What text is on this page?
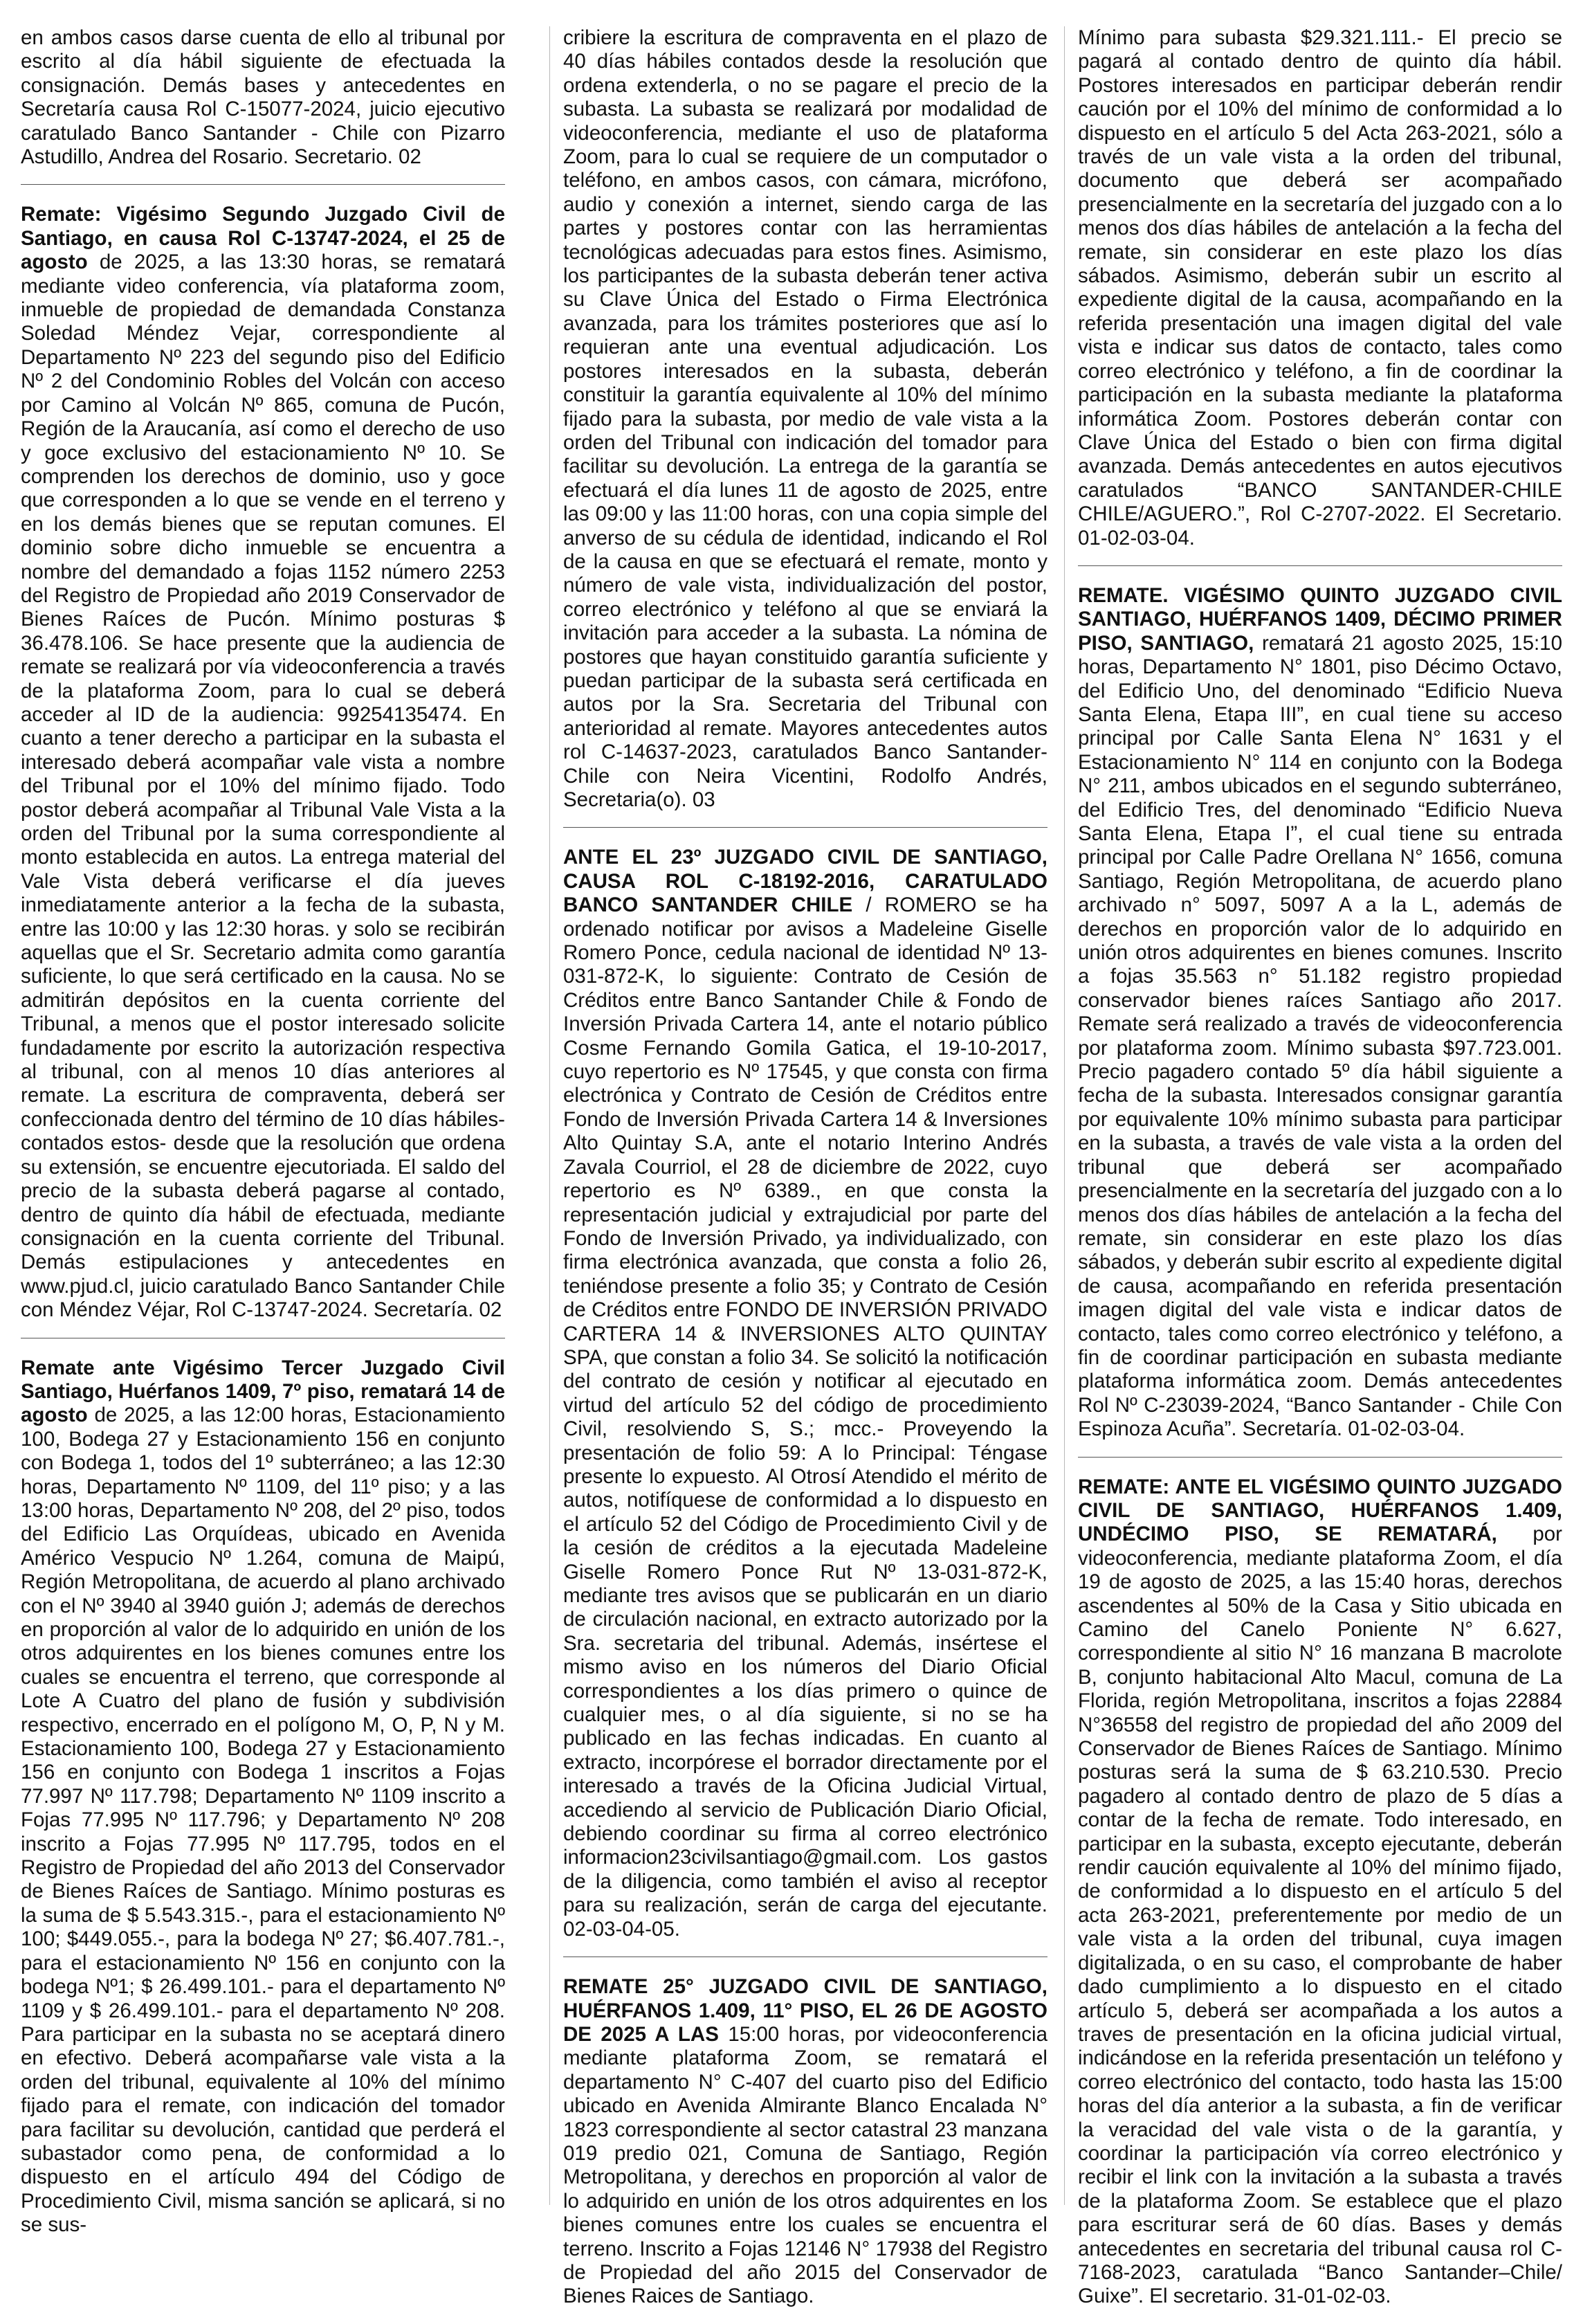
en ambos casos darse cuenta de ello al tribunal por escrito al día hábil siguiente de efectuada la consignación. Demás bases y antecedentes en Secretaría causa Rol C-15077-2024, juicio ejecutivo caratulado Banco Santander - Chile con Pizarro Astudillo, Andrea del Rosario. Secretario. 02

Remate: Vigésimo Segundo Juzgado Civil de Santiago, en causa Rol C-13747-2024, el 25 de agosto de 2025, a las 13:30 horas, se rematará mediante video conferencia, vía plataforma zoom, inmueble de propiedad de demandada Constanza Soledad Méndez Vejar, correspondiente al Departamento Nº 223 del segundo piso del Edificio Nº 2 del Condominio Robles del Volcán con acceso por Camino al Volcán Nº 865, comuna de Pucón, Región de la Araucanía, así como el derecho de uso y goce exclusivo del estacionamiento Nº 10. Se comprenden los derechos de dominio, uso y goce que corresponden a lo que se vende en el terreno y en los demás bienes que se reputan comunes. El dominio sobre dicho inmueble se encuentra a nombre del demandado a fojas 1152 número 2253 del Registro de Propiedad año 2019 Conservador de Bienes Raíces de Pucón. Mínimo posturas $ 36.478.106. Se hace presente que la audiencia de remate se realizará por vía videoconferencia a través de la plataforma Zoom, para lo cual se deberá acceder al ID de la audiencia: 99254135474. En cuanto a tener derecho a participar en la subasta el interesado deberá acompañar vale vista a nombre del Tribunal por el 10% del mínimo fijado. Todo postor deberá acompañar al Tribunal Vale Vista a la orden del Tribunal por la suma correspondiente al monto establecida en autos. La entrega material del Vale Vista deberá verificarse el día jueves inmediatamente anterior a la fecha de la subasta, entre las 10:00 y las 12:30 horas. y solo se recibirán aquellas que el Sr. Secretario admita como garantía suficiente, lo que será certificado en la causa. No se admitirán depósitos en la cuenta corriente del Tribunal, a menos que el postor interesado solicite fundadamente por escrito la autorización respectiva al tribunal, con al menos 10 días anteriores al remate. La escritura de compraventa, deberá ser confeccionada dentro del término de 10 días hábiles-contados estos- desde que la resolución que ordena su extensión, se encuentre ejecutoriada. El saldo del precio de la subasta deberá pagarse al contado, dentro de quinto día hábil de efectuada, mediante consignación en la cuenta corriente del Tribunal. Demás estipulaciones y antecedentes en www.pjud.cl, juicio caratulado Banco Santander Chile con Méndez Véjar, Rol C-13747-2024. Secretaría. 02

Remate ante Vigésimo Tercer Juzgado Civil Santiago, Huérfanos 1409, 7º piso, rematará 14 de agosto de 2025, a las 12:00 horas, Estacionamiento 100, Bodega 27 y Estacionamiento 156 en conjunto con Bodega 1, todos del 1º subterráneo; a las 12:30 horas, Departamento Nº 1109, del 11º piso; y a las 13:00 horas, Departamento Nº 208, del 2º piso, todos del Edificio Las Orquídeas, ubicado en Avenida Américo Vespucio Nº 1.264, comuna de Maipú, Región Metropolitana, de acuerdo al plano archivado con el Nº 3940 al 3940 guión J; además de derechos en proporción al valor de lo adquirido en unión de los otros adquirentes en los bienes comunes entre los cuales se encuentra el terreno, que corresponde al Lote A Cuatro del plano de fusión y subdivisión respectivo, encerrado en el polígono M, O, P, N y M. Estacionamiento 100, Bodega 27 y Estacionamiento 156 en conjunto con Bodega 1 inscritos a Fojas 77.997 Nº 117.798; Departamento Nº 1109 inscrito a Fojas 77.995 Nº 117.796; y Departamento Nº 208 inscrito a Fojas 77.995 Nº 117.795, todos en el Registro de Propiedad del año 2013 del Conservador de Bienes Raíces de Santiago. Mínimo posturas es la suma de $ 5.543.315.-, para el estacionamiento Nº 100; $449.055.-, para la bodega Nº 27; $6.407.781.-, para el estacionamiento Nº 156 en conjunto con la bodega Nº1; $ 26.499.101.- para el departamento Nº 1109 y $ 26.499.101.- para el departamento Nº 208. Para participar en la subasta no se aceptará dinero en efectivo. Deberá acompañarse vale vista a la orden del tribunal, equivalente al 10% del mínimo fijado para el remate, con indicación del tomador para facilitar su devolución, cantidad que perderá el subastador como pena, de conformidad a lo dispuesto en el artículo 494 del Código de Procedimiento Civil, misma sanción se aplicará, si no se sus-

cribiere la escritura de compraventa en el plazo de 40 días hábiles contados desde la resolución que ordena extenderla, o no se pagare el precio de la subasta. La subasta se realizará por modalidad de videoconferencia, mediante el uso de plataforma Zoom, para lo cual se requiere de un computador o teléfono, en ambos casos, con cámara, micrófono, audio y conexión a internet, siendo carga de las partes y postores contar con las herramientas tecnológicas adecuadas para estos fines. Asimismo, los participantes de la subasta deberán tener activa su Clave Única del Estado o Firma Electrónica avanzada, para los trámites posteriores que así lo requieran ante una eventual adjudicación. Los postores interesados en la subasta, deberán constituir la garantía equivalente al 10% del mínimo fijado para la subasta, por medio de vale vista a la orden del Tribunal con indicación del tomador para facilitar su devolución. La entrega de la garantía se efectuará el día lunes 11 de agosto de 2025, entre las 09:00 y las 11:00 horas, con una copia simple del anverso de su cédula de identidad, indicando el Rol de la causa en que se efectuará el remate, monto y número de vale vista, individualización del postor, correo electrónico y teléfono al que se enviará la invitación para acceder a la subasta. La nómina de postores que hayan constituido garantía suficiente y puedan participar de la subasta será certificada en autos por la Sra. Secretaria del Tribunal con anterioridad al remate. Mayores antecedentes autos rol C-14637-2023, caratulados Banco Santander-Chile con Neira Vicentini, Rodolfo Andrés, Secretaria(o). 03

ANTE EL 23º JUZGADO CIVIL DE SANTIAGO, CAUSA ROL C-18192-2016, CARATULADO BANCO SANTANDER CHILE / ROMERO se ha ordenado notificar por avisos a Madeleine Giselle Romero Ponce, cedula nacional de identidad Nº 13-031-872-K, lo siguiente: Contrato de Cesión de Créditos entre Banco Santander Chile & Fondo de Inversión Privada Cartera 14, ante el notario público Cosme Fernando Gomila Gatica, el 19-10-2017, cuyo repertorio es Nº 17545, y que consta con firma electrónica y Contrato de Cesión de Créditos entre Fondo de Inversión Privada Cartera 14 & Inversiones Alto Quintay S.A, ante el notario Interino Andrés Zavala Courriol, el 28 de diciembre de 2022, cuyo repertorio es Nº 6389., en que consta la representación judicial y extrajudicial por parte del Fondo de Inversión Privado, ya individualizado, con firma electrónica avanzada, que consta a folio 26, teniéndose presente a folio 35; y Contrato de Cesión de Créditos entre FONDO DE INVERSIÓN PRIVADO CARTERA 14 & INVERSIONES ALTO QUINTAY SPA, que constan a folio 34. Se solicitó la notificación del contrato de cesión y notificar al ejecutado en virtud del artículo 52 del código de procedimiento Civil, resolviendo S, S.; mcc.- Proveyendo la presentación de folio 59: A lo Principal: Téngase presente lo expuesto. Al Otrosí Atendido el mérito de autos, notifíquese de conformidad a lo dispuesto en el artículo 52 del Código de Procedimiento Civil y de la cesión de créditos a la ejecutada Madeleine Giselle Romero Ponce Rut Nº 13-031-872-K, mediante tres avisos que se publicarán en un diario de circulación nacional, en extracto autorizado por la Sra. secretaria del tribunal. Además, insértese el mismo aviso en los números del Diario Oficial correspondientes a los días primero o quince de cualquier mes, o al día siguiente, si no se ha publicado en las fechas indicadas. En cuanto al extracto, incorpórese el borrador directamente por el interesado a través de la Oficina Judicial Virtual, accediendo al servicio de Publicación Diario Oficial, debiendo coordinar su firma al correo electrónico informacion23civilsantiago@gmail.com. Los gastos de la diligencia, como también el aviso al receptor para su realización, serán de carga del ejecutante. 02-03-04-05.

REMATE 25° JUZGADO CIVIL DE SANTIAGO, HUÉRFANOS 1.409, 11° PISO, EL 26 DE AGOSTO DE 2025 A LAS 15:00 horas, por videoconferencia mediante plataforma Zoom, se rematará el departamento N° C-407 del cuarto piso del Edificio ubicado en Avenida Almirante Blanco Encalada N° 1823 correspondiente al sector catastral 23 manzana 019 predio 021, Comuna de Santiago, Región Metropolitana, y derechos en proporción al valor de lo adquirido en unión de los otros adquirentes en los bienes comunes entre los cuales se encuentra el terreno. Inscrito a Fojas 12146 N° 17938 del Registro de Propiedad del año 2015 del Conservador de Bienes Raices de Santiago.

Mínimo para subasta $29.321.111.- El precio se pagará al contado dentro de quinto día hábil. Postores interesados en participar deberán rendir caución por el 10% del mínimo de conformidad a lo dispuesto en el artículo 5 del Acta 263-2021, sólo a través de un vale vista a la orden del tribunal, documento que deberá ser acompañado presencialmente en la secretaría del juzgado con a lo menos dos días hábiles de antelación a la fecha del remate, sin considerar en este plazo los días sábados. Asimismo, deberán subir un escrito al expediente digital de la causa, acompañando en la referida presentación una imagen digital del vale vista e indicar sus datos de contacto, tales como correo electrónico y teléfono, a fin de coordinar la participación en la subasta mediante la plataforma informática Zoom. Postores deberán contar con Clave Única del Estado o bien con firma digital avanzada. Demás antecedentes en autos ejecutivos caratulados “BANCO SANTANDER-CHILE CHILE/AGUERO.”, Rol C-2707-2022. El Secretario. 01-02-03-04.

REMATE. VIGÉSIMO QUINTO JUZGADO CIVIL SANTIAGO, HUÉRFANOS 1409, DÉCIMO PRIMER PISO, SANTIAGO, rematará 21 agosto 2025, 15:10 horas, Departamento N° 1801, piso Décimo Octavo, del Edificio Uno, del denominado “Edificio Nueva Santa Elena, Etapa III”, en cual tiene su acceso principal por Calle Santa Elena N° 1631 y el Estacionamiento N° 114 en conjunto con la Bodega N° 211, ambos ubicados en el segundo subterráneo, del Edificio Tres, del denominado “Edificio Nueva Santa Elena, Etapa I”, el cual tiene su entrada principal por Calle Padre Orellana N° 1656, comuna Santiago, Región Metropolitana, de acuerdo plano archivado n° 5097, 5097 A a la L, además de derechos en proporción valor de lo adquirido en unión otros adquirentes en bienes comunes. Inscrito a fojas 35.563 n° 51.182 registro propiedad conservador bienes raíces Santiago año 2017. Remate será realizado a través de videoconferencia por plataforma zoom. Mínimo subasta $97.723.001. Precio pagadero contado 5º día hábil siguiente a fecha de la subasta. Interesados consignar garantía por equivalente 10% mínimo subasta para participar en la subasta, a través de vale vista a la orden del tribunal que deberá ser acompañado presencialmente en la secretaría del juzgado con a lo menos dos días hábiles de antelación a la fecha del remate, sin considerar en este plazo los días sábados, y deberán subir escrito al expediente digital de causa, acompañando en referida presentación imagen digital del vale vista e indicar datos de contacto, tales como correo electrónico y teléfono, a fin de coordinar participación en subasta mediante plataforma informática zoom. Demás antecedentes Rol Nº C-23039-2024, “Banco Santander - Chile Con Espinoza Acuña”. Secretaría. 01-02-03-04.

REMATE: ANTE EL VIGÉSIMO QUINTO JUZGADO CIVIL DE SANTIAGO, HUÉRFANOS 1.409, UNDÉCIMO PISO, SE REMATARÁ, por videoconferencia, mediante plataforma Zoom, el día 19 de agosto de 2025, a las 15:40 horas, derechos ascendentes al 50% de la Casa y Sitio ubicada en Camino del Canelo Poniente N° 6.627, correspondiente al sitio N° 16 manzana B macrolote B, conjunto habitacional Alto Macul, comuna de La Florida, región Metropolitana, inscritos a fojas 22884 N°36558 del registro de propiedad del año 2009 del Conservador de Bienes Raíces de Santiago. Mínimo posturas será la suma de $ 63.210.530. Precio pagadero al contado dentro de plazo de 5 días a contar de la fecha de remate. Todo interesado, en participar en la subasta, excepto ejecutante, deberán rendir caución equivalente al 10% del mínimo fijado, de conformidad a lo dispuesto en el artículo 5 del acta 263-2021, preferentemente por medio de un vale vista a la orden del tribunal, cuya imagen digitalizada, o en su caso, el comprobante de haber dado cumplimiento a lo dispuesto en el citado artículo 5, deberá ser acompañada a los autos a traves de presentación en la oficina judicial virtual, indicándose en la referida presentación un teléfono y correo electrónico del contacto, todo hasta las 15:00 horas del día anterior a la subasta, a fin de verificar la veracidad del vale vista o de la garantía, y coordinar la participación vía correo electrónico y recibir el link con la invitación a la subasta a través de la plataforma Zoom. Se establece que el plazo para escriturar será de 60 días. Bases y demás antecedentes en secretaria del tribunal causa rol C-7168-2023, caratulada “Banco Santander–Chile/ Guixe”. El secretario. 31-01-02-03.
